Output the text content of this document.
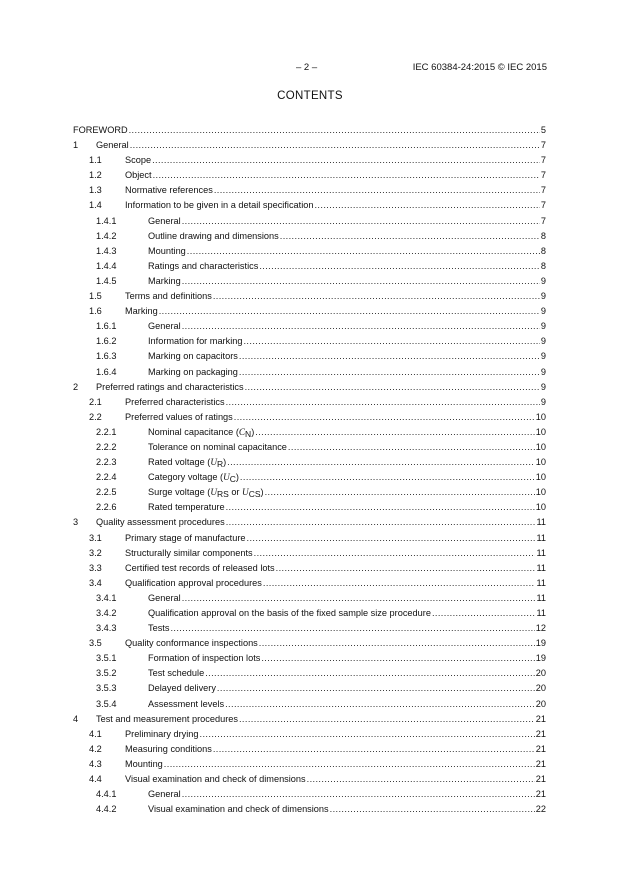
– 2 –	IEC 60384-24:2015 © IEC 2015
CONTENTS
FOREWORD .....	5
1 General .....	7
1.1	Scope .....	7
1.2	Object .....	7
1.3	Normative references .....	7
1.4	Information to be given in a detail specification .....	7
1.4.1	General .....	7
1.4.2	Outline drawing and dimensions .....	8
1.4.3	Mounting .....	8
1.4.4	Ratings and characteristics .....	8
1.4.5	Marking .....	9
1.5	Terms and definitions .....	9
1.6	Marking .....	9
1.6.1	General .....	9
1.6.2	Information for marking .....	9
1.6.3	Marking on capacitors .....	9
1.6.4	Marking on packaging .....	9
2 Preferred ratings and characteristics .....	9
2.1	Preferred characteristics .....	9
2.2	Preferred values of ratings .....	10
2.2.1	Nominal capacitance (CN) .....	10
2.2.2	Tolerance on nominal capacitance .....	10
2.2.3	Rated voltage (UR) .....	10
2.2.4	Category voltage (UC) .....	10
2.2.5	Surge voltage (URS or UCS) .....	10
2.2.6	Rated temperature .....	10
3 Quality assessment procedures .....	11
3.1	Primary stage of manufacture .....	11
3.2	Structurally similar components .....	11
3.3	Certified test records of released lots .....	11
3.4	Qualification approval procedures .....	11
3.4.1	General .....	11
3.4.2	Qualification approval on the basis of the fixed sample size procedure .....	11
3.4.3	Tests .....	12
3.5	Quality conformance inspections .....	19
3.5.1	Formation of inspection lots .....	19
3.5.2	Test schedule .....	20
3.5.3	Delayed delivery .....	20
3.5.4	Assessment levels .....	20
4 Test and measurement procedures .....	21
4.1	Preliminary drying .....	21
4.2	Measuring conditions .....	21
4.3	Mounting .....	21
4.4	Visual examination and check of dimensions .....	21
4.4.1	General .....	21
4.4.2	Visual examination and check of dimensions .....	22
